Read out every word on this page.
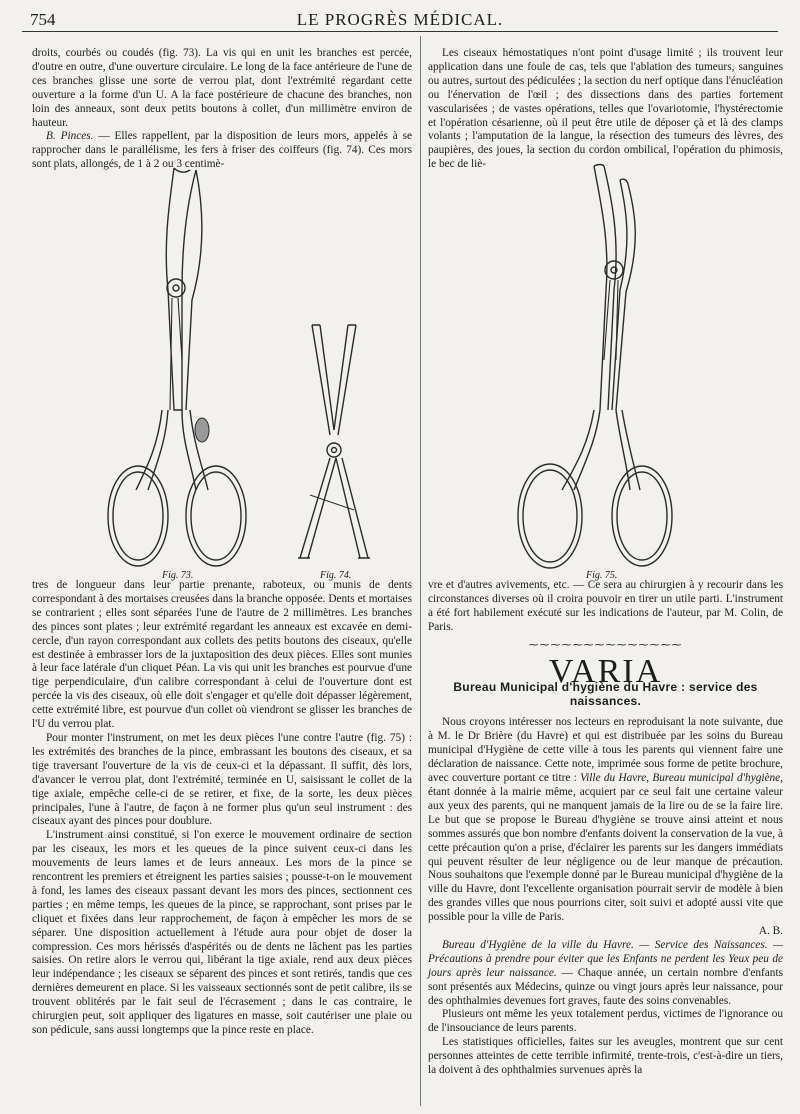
754	LE PROGRÈS MÉDICAL.

droits, courbés ou coudés (fig. 73). La vis qui en unit les branches est percée, d'outre en outre, d'une ouverture circulaire. Le long de la face antérieure de l'une de ces branches glisse une sorte de verrou plat, dont l'extrémité regardant cette ouverture a la forme d'un U. A la face postérieure de chacune des branches, non loin des anneaux, sont deux petits boutons à collet, d'un millimètre environ de hauteur.

B. Pinces. — Elles rappellent, par la disposition de leurs mors, appelés à se rapprocher dans le parallélisme, les fers à friser des coiffeurs (fig. 74). Ces mors sont plats, allongés, de 1 à 2 ou 3 centimè-

Fig. 73.	Fig. 74.

tres de longueur dans leur partie prenante, raboteux, ou munis de dents correspondant à des mortaises creusées dans la branche opposée. Dents et mortaises se contrarient ; elles sont séparées l'une de l'autre de 2 millimètres. Les branches des pinces sont plates ; leur extrémité regardant les anneaux est excavée en demi-cercle, d'un rayon correspondant aux collets des petits boutons des ciseaux, qu'elle est destinée à embrasser lors de la juxtaposition des deux pièces. Elles sont munies à leur face latérale d'un cliquet Péan. La vis qui unit les branches est pourvue d'une tige perpendiculaire, d'un calibre correspondant à celui de l'ouverture dont est percée la vis des ciseaux, où elle doit s'engager et qu'elle doit dépasser légèrement, cette extrémité libre, est pourvue d'un collet où viendront se glisser les branches de l'U du verrou plat.

Pour monter l'instrument, on met les deux pièces l'une contre l'autre (fig. 75) : les extrémités des branches de la pince, embrassant les boutons des ciseaux, et sa tige traversant l'ouverture de la vis de ceux-ci et la dépassant. Il suffit, dès lors, d'avancer le verrou plat, dont l'extrémité, terminée en U, saisissant le collet de la tige axiale, empêche celle-ci de se retirer, et fixe, de la sorte, les deux pièces principales, l'une à l'autre, de façon à ne former plus qu'un seul instrument : des ciseaux ayant des pinces pour doublure.

L'instrument ainsi constitué, si l'on exerce le mouvement ordinaire de section par les ciseaux, les mors et les queues de la pince suivent ceux-ci dans les mouvements de leurs lames et de leurs anneaux. Les mors de la pince se rencontrent les premiers et étreignent les parties saisies ; pousse-t-on le mouvement à fond, les lames des ciseaux passant devant les mors des pinces, sectionnent ces parties ; en même temps, les queues de la pince, se rapprochant, sont prises par le cliquet et fixées dans leur rapprochement, de façon à empêcher les mors de se séparer. Une disposition actuellement à l'étude aura pour objet de doser la compression. Ces mors hérissés d'aspérités ou de dents ne lâchent pas les parties saisies. On retire alors le verrou qui, libérant la tige axiale, rend aux deux pièces leur indépendance ; les ciseaux se séparent des pinces et sont retirés, tandis que ces dernières demeurent en place. Si les vaisseaux sectionnés sont de petit calibre, ils se trouvent oblitérés par le fait seul de l'écrasement ; dans le cas contraire, le chirurgien peut, soit appliquer des ligatures en masse, soit cautériser une plaie ou son pédicule, sans aussi longtemps que la pince reste en place.

Les ciseaux hémostatiques n'ont point d'usage limité ; ils trouvent leur application dans une foule de cas, tels que l'ablation des tumeurs, sanguines ou autres, surtout des pédiculées ; la section du nerf optique dans l'énucléation ou l'énervation de l'œil ; des dissections dans des parties fortement vascularisées ; de vastes opérations, telles que l'ovariotomie, l'hystérectomie et l'opération césarienne, où il peut être utile de déposer çà et là des clamps volants ; l'amputation de la langue, la résection des tumeurs des lèvres, des paupières, des joues, la section du cordon ombilical, l'opération du phimosis, le bec de liè-

Fig. 75.

vre et d'autres avivements, etc. — Ce sera au chirurgien à y recourir dans les circonstances diverses où il croira pouvoir en tirer un utile parti. L'instrument a été fort habilement exécuté sur les indications de l'auteur, par M. Colin, de Paris.

⁓⁓⁓⁓⁓⁓⁓⁓⁓⁓⁓⁓⁓⁓
VARIA
Bureau Municipal d'hygiène du Havre : service des naissances.

Nous croyons intéresser nos lecteurs en reproduisant la note suivante, due à M. le Dr Brière (du Havre) et qui est distribuée par les soins du Bureau municipal d'Hygiène de cette ville à tous les parents qui viennent faire une déclaration de naissance. Cette note, imprimée sous forme de petite brochure, avec couverture portant ce titre : Ville du Havre, Bureau municipal d'hygiène, étant donnée à la mairie même, acquiert par ce seul fait une certaine valeur aux yeux des parents, qui ne manquent jamais de la lire ou de se la faire lire. Le but que se propose le Bureau d'hygiène se trouve ainsi atteint et nous sommes assurés que bon nombre d'enfants doivent la conservation de la vue, à cette précaution qu'on a prise, d'éclairer les parents sur les dangers immédiats qui peuvent résulter de leur négligence ou de leur manque de précaution. Nous souhaitons que l'exemple donné par le Bureau municipal d'hygiène de la ville du Havre, dont l'excellente organisation pourrait servir de modèle à bien des grandes villes que nous pourrions citer, soit suivi et adopté aussi vite que possible pour la ville de Paris.

A. B.

Bureau d'Hygiène de la ville du Havre. — Service des Naissances. — Précautions à prendre pour éviter que les Enfants ne perdent les Yeux peu de jours après leur naissance. — Chaque année, un certain nombre d'enfants sont présentés aux Médecins, quinze ou vingt jours après leur naissance, pour des ophthalmies devenues fort graves, faute des soins convenables.

Plusieurs ont même les yeux totalement perdus, victimes de l'ignorance ou de l'insouciance de leurs parents.

Les statistiques officielles, faites sur les aveugles, montrent que sur cent personnes atteintes de cette terrible infirmité, trente-trois, c'est-à-dire un tiers, la doivent à des ophthalmies survenues après la
